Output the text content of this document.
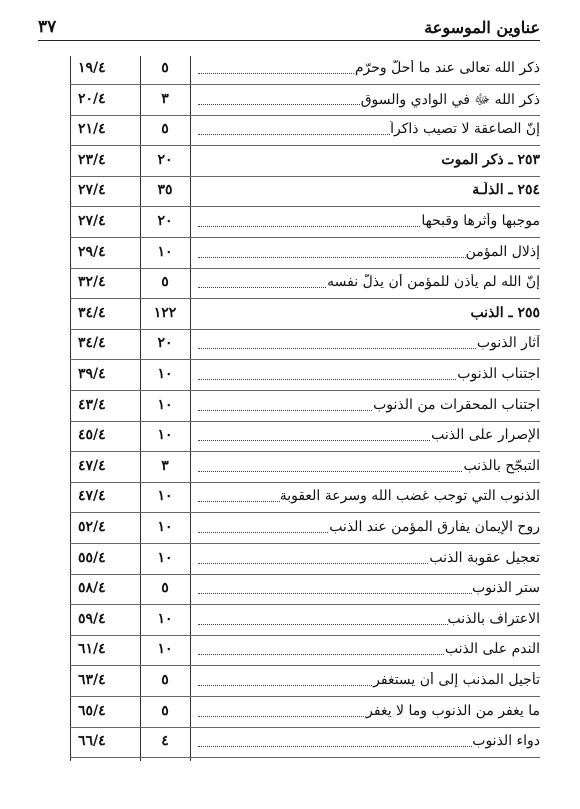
عناوين الموسوعة
٣٧
١٩/٤	٥	ذكر الله تعالى عند ما أحلّ وحرّم
٢٠/٤	٣	ذكر الله ﷻ في الوادي والسوق
٢١/٤	٥	إنّ الصاعقة لا تصيب ذاكراً
٢٣/٤	٢٠	٢٥٣ ـ ذكر الموت
٢٧/٤	٣٥	٢٥٤ ـ الذلّـة
٢٧/٤	٢٠	موجبها وأثرها وقبحها
٢٩/٤	١٠	إذلال المؤمن
٣٢/٤	٥	إنّ الله لم يأذن للمؤمن أن يذلّ نفسه
٣٤/٤	١٢٢	٢٥٥ ـ الذنب
٣٤/٤	٢٠	آثار الذنوب
٣٩/٤	١٠	اجتناب الذنوب
٤٣/٤	١٠	اجتناب المحقرات من الذنوب
٤٥/٤	١٠	الإصرار على الذنب
٤٧/٤	٣	التبجّح بالذنب
٤٧/٤	١٠	الذنوب التي توجب غضب الله وسرعة العقوبة
٥٢/٤	١٠	روح الإيمان يفارق المؤمن عند الذنب
٥٥/٤	١٠	تعجيل عقوبة الذنب
٥٨/٤	٥	ستر الذنوب
٥٩/٤	١٠	الاعتراف بالذنب
٦١/٤	١٠	الندم على الذنب
٦٣/٤	٥	تأجيل المذنب إلى أن يستغفر
٦٥/٤	٥	ما يغفر من الذنوب وما لا يغفر
٦٦/٤	٤	دواء الذنوب
